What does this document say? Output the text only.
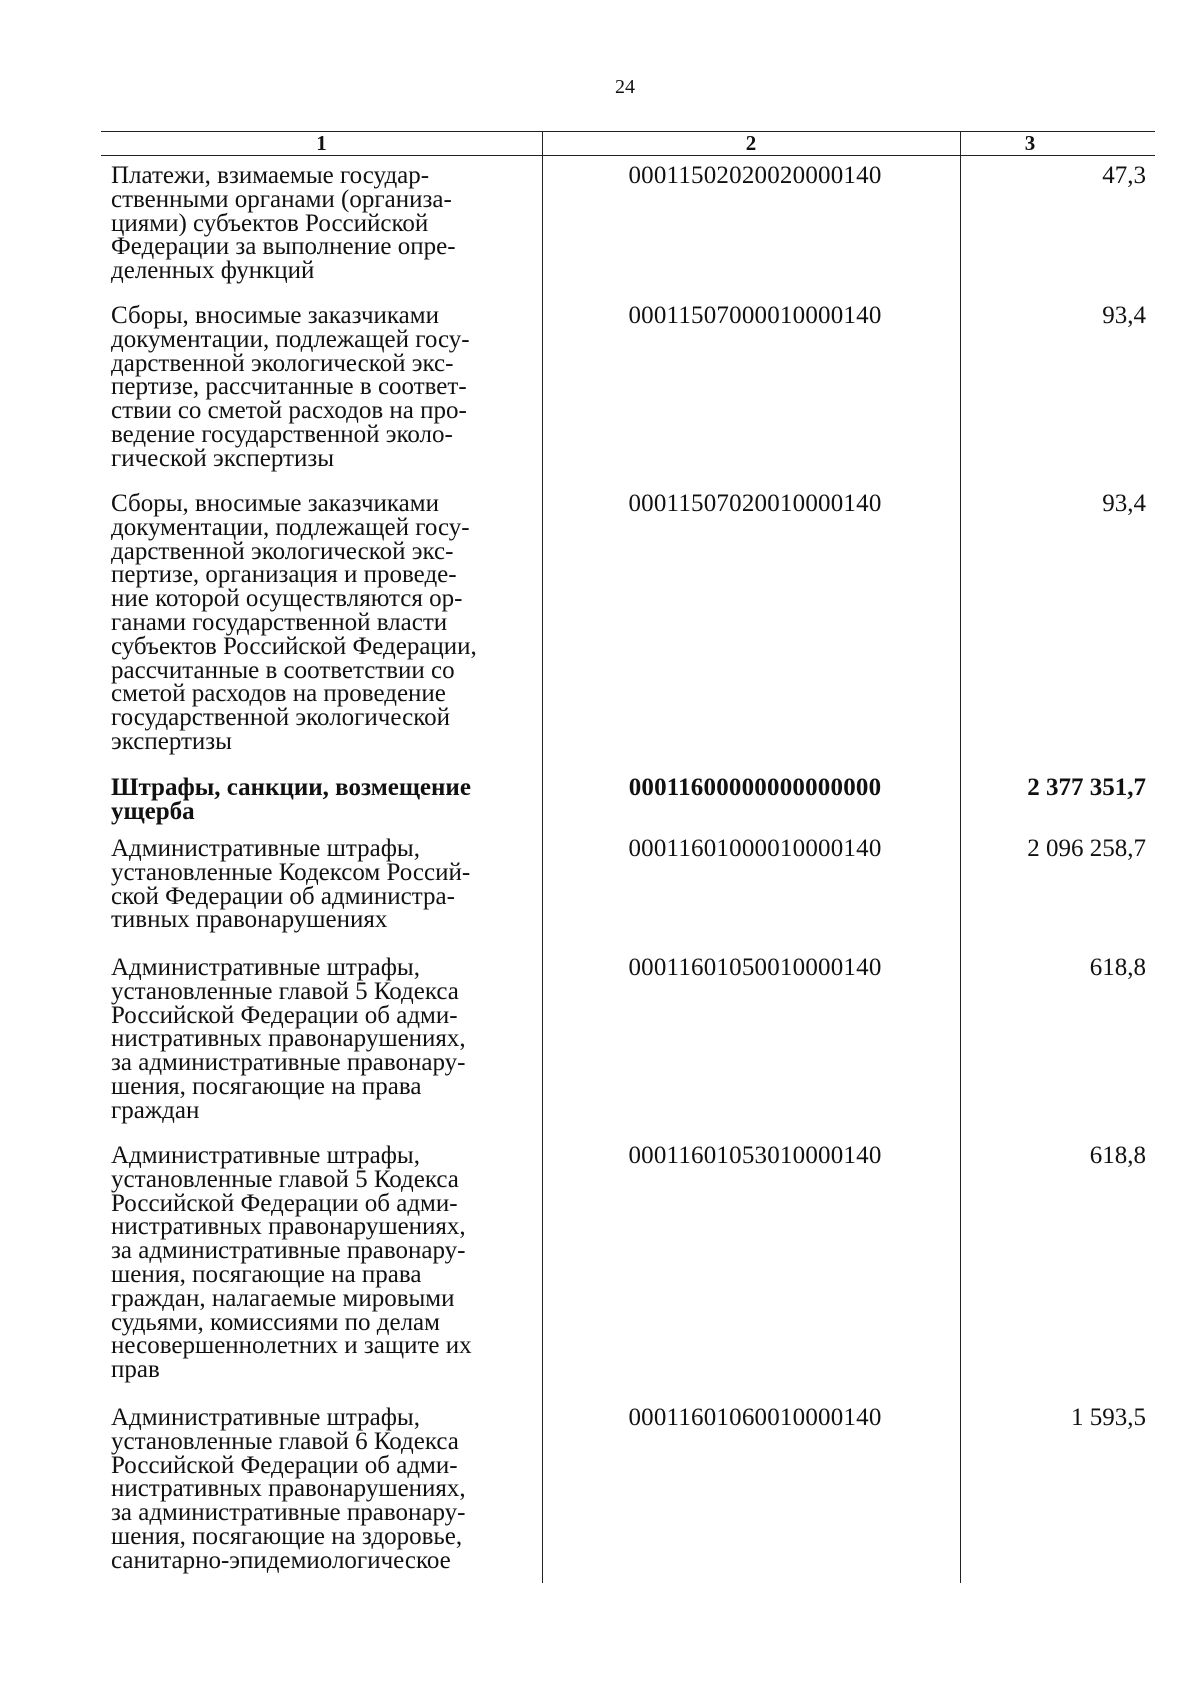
24
1	2	3
Платежи, взимаемые государ-
ственными органами (организа-
циями) субъектов Российской
Федерации за выполнение опре-
деленных функций
00011502020020000140	47,3
Сборы, вносимые заказчиками
документации, подлежащей госу-
дарственной экологической экс-
пертизе, рассчитанные в соответ-
ствии со сметой расходов на про-
ведение государственной эколо-
гической экспертизы
00011507000010000140	93,4
Сборы, вносимые заказчиками
документации, подлежащей госу-
дарственной экологической экс-
пертизе, организация и проведе-
ние которой осуществляются ор-
ганами государственной власти
субъектов Российской Федерации,
рассчитанные в соответствии со
сметой расходов на проведение
государственной экологической
экспертизы
00011507020010000140	93,4
Штрафы, санкции, возмещение
ущерба
00011600000000000000	2 377 351,7
Административные штрафы,
установленные Кодексом Россий-
ской Федерации об администра-
тивных правонарушениях
00011601000010000140	2 096 258,7
Административные штрафы,
установленные главой 5 Кодекса
Российской Федерации об адми-
нистративных правонарушениях,
за административные правонару-
шения, посягающие на права
граждан
00011601050010000140	618,8
Административные штрафы,
установленные главой 5 Кодекса
Российской Федерации об адми-
нистративных правонарушениях,
за административные правонару-
шения, посягающие на права
граждан, налагаемые мировыми
судьями, комиссиями по делам
несовершеннолетних и защите их
прав
00011601053010000140	618,8
Административные штрафы,
установленные главой 6 Кодекса
Российской Федерации об адми-
нистративных правонарушениях,
за административные правонару-
шения, посягающие на здоровье,
санитарно-эпидемиологическое
00011601060010000140	1 593,5
